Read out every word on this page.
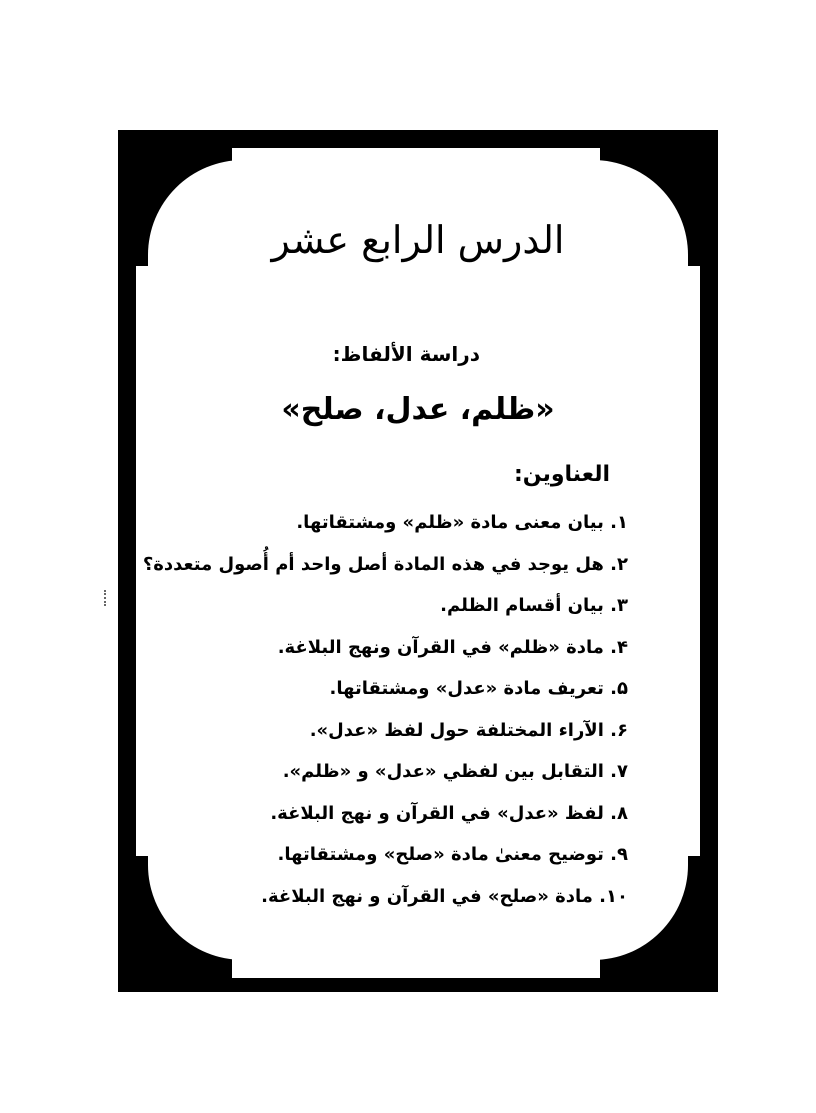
الدرس الرابع عشر

دراسة الألفاظ:

«ظلم، عدل، صلح»

العناوين:

١. بيان معنى مادة «ظلم» ومشتقاتها.
٢. هل يوجد في هذه المادة أصل واحد أم أُصول متعددة؟
٣. بيان أقسام الظلم.
۴. مادة «ظلم» في القرآن ونهج البلاغة.
۵. تعريف مادة «عدل» ومشتقاتها.
۶. الآراء المختلفة حول لفظ «عدل».
٧. التقابل بين لفظي «عدل» و «ظلم».
٨. لفظ «عدل» في القرآن و نهج البلاغة.
٩. توضيح معنیٰ مادة «صلح» ومشتقاتها.
١٠. مادة «صلح» في القرآن و نهج البلاغة.
